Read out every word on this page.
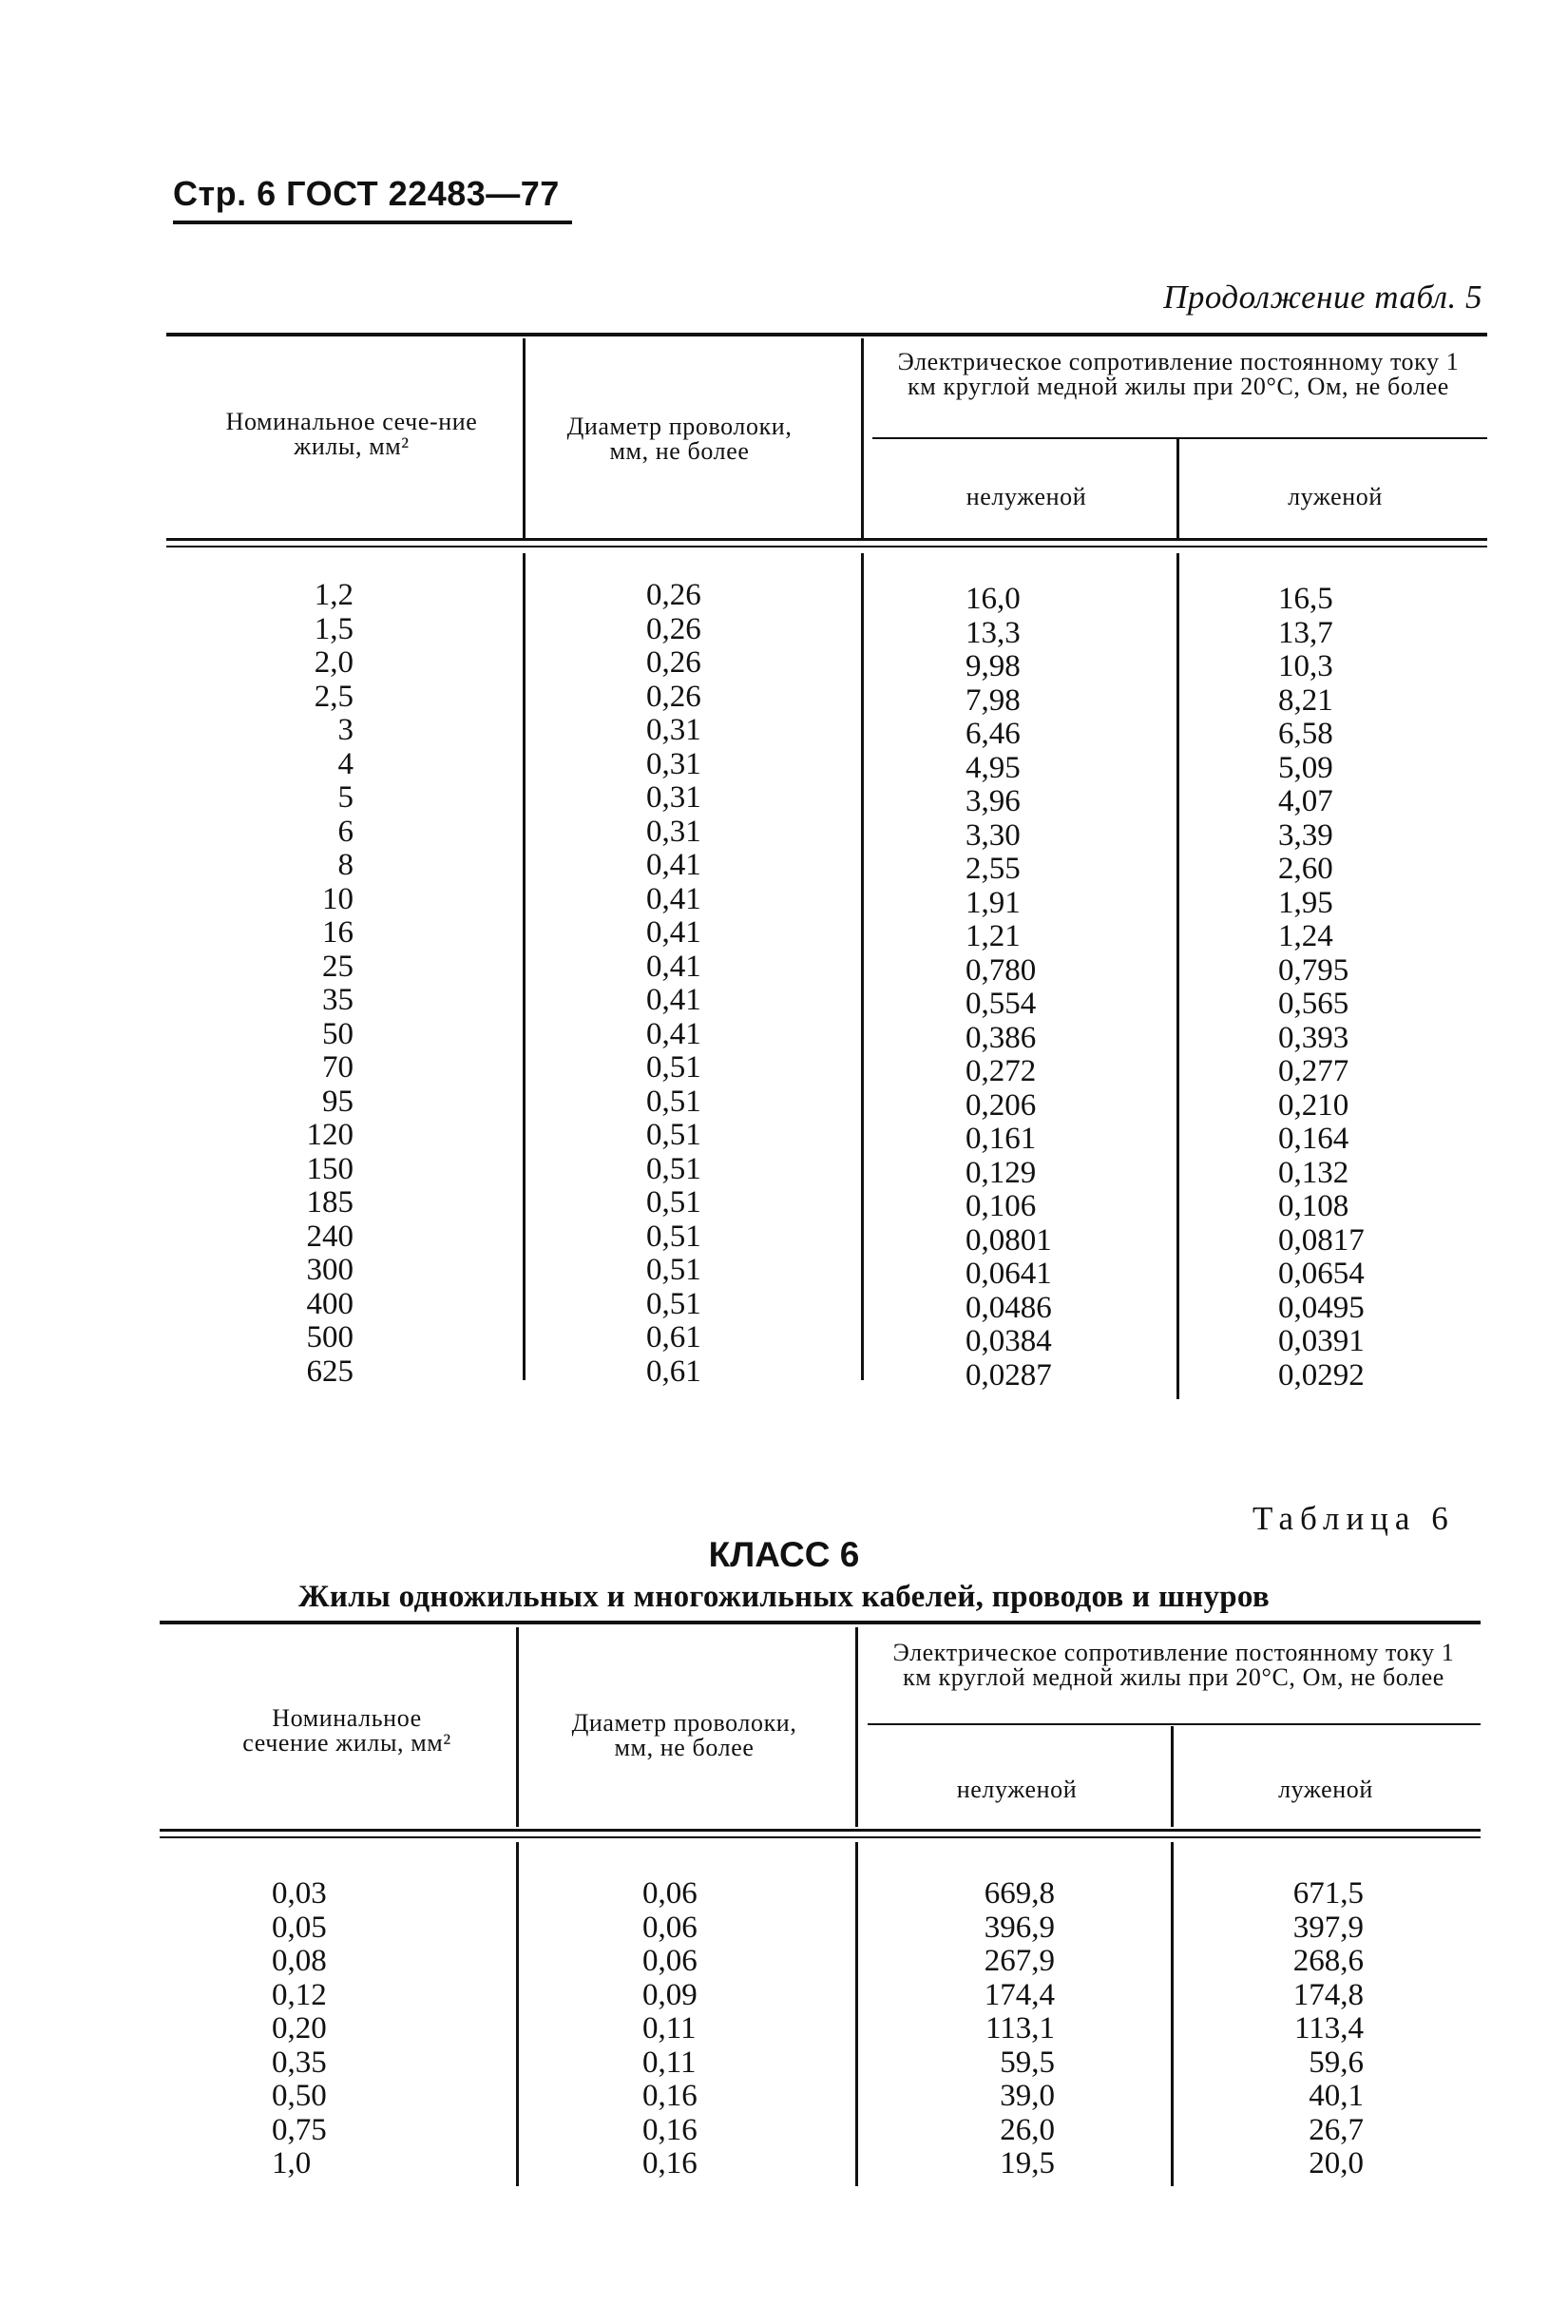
Стр. 6 ГОСТ 22483—77
Продолжение табл. 5
Номинальное сече-ние жилы, мм²
Диаметр проволоки, мм, не более
Электрическое сопротивление постоянному току 1 км круглой медной жилы при 20°С, Ом, не более
нелуженой	луженой
1,2
1,5
2,0
2,5
3
4
5
6
8
10
16
25
35
50
70
95
120
150
185
240
300
400
500
625
0,26
0,26
0,26
0,26
0,31
0,31
0,31
0,31
0,41
0,41
0,41
0,41
0,41
0,41
0,51
0,51
0,51
0,51
0,51
0,51
0,51
0,51
0,61
0,61
16,0
13,3
9,98
7,98
6,46
4,95
3,96
3,30
2,55
1,91
1,21
0,780
0,554
0,386
0,272
0,206
0,161
0,129
0,106
0,0801
0,0641
0,0486
0,0384
0,0287
16,5
13,7
10,3
8,21
6,58
5,09
4,07
3,39
2,60
1,95
1,24
0,795
0,565
0,393
0,277
0,210
0,164
0,132
0,108
0,0817
0,0654
0,0495
0,0391
0,0292
Таблица 6
КЛАСС 6
Жилы одножильных и многожильных кабелей, проводов и шнуров
Номинальное сечение жилы, мм²
Диаметр проволоки, мм, не более
Электрическое сопротивление постоянному току 1 км круглой медной жилы при 20°С, Ом, не более
нелуженой	луженой
0,03
0,05
0,08
0,12
0,20
0,35
0,50
0,75
1,0
0,06
0,06
0,06
0,09
0,11
0,11
0,16
0,16
0,16
669,8
396,9
267,9
174,4
113,1
59,5
39,0
26,0
19,5
671,5
397,9
268,6
174,8
113,4
59,6
40,1
26,7
20,0
